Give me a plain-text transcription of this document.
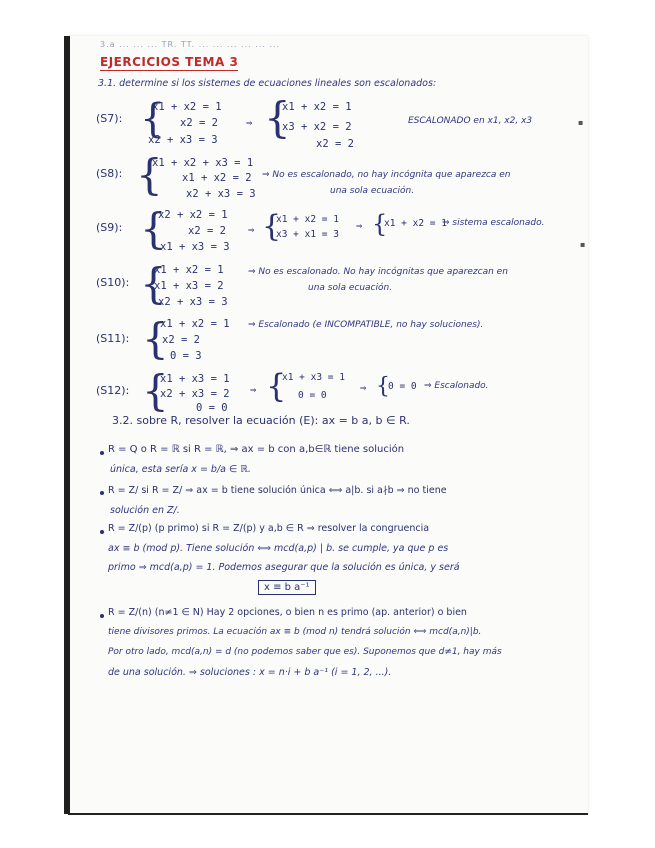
3.a ... ... ... TR. TT. ... ... ... ... ... ...
EJERCICIOS TEMA 3
3.1. determine si los sistemes de ecuaciones lineales son escalonados:
(S7): {
x1 + x2 = 1
x2 = 2
x2 + x3 = 3
⇒ {
x1 + x2 = 1
x3 + x2 = 2
x2 = 2
ESCALONADO en x1, x2, x3
(S8): {
x1 + x2 + x3 = 1
x1 + x2 = 2
x2 + x3 = 3
⇒ No es escalonado, no hay incógnita que aparezca en
una sola ecuación.
(S9): {
x2 + x2 = 1
x2 = 2
x1 + x3 = 3
⇒ {
x1 + x2 = 1
x3 + x1 = 3
⇒ {
x1 + x2 = 1
⇒ sistema escalonado.
(S10): {
x1 + x2 = 1
x1 + x3 = 2
x2 + x3 = 3
⇒ No es escalonado. No hay incógnitas que aparezcan en
una sola ecuación.
(S11): {
x1 + x2 = 1
x2 = 2
0 = 3
⇒ Escalonado (e INCOMPATIBLE, no hay soluciones).
(S12): {
x1 + x3 = 1
x2 + x3 = 2
0 = 0
⇒ {
x1 + x3 = 1
0 = 0
⇒ {
0 = 0 ⇒ Escalonado.
3.2. sobre R, resolver la ecuación (E): ax = b a, b ∈ R.
R = Q o R = ℝ si R = ℝ, ⇒ ax = b con a,b∈ℝ tiene solución
única, esta sería x = b/a ∈ ℝ.
R = Z/ si R = Z/ ⇒ ax = b tiene solución única ⟺ a|b. si a∤b ⇒ no tiene
solución en Z/.
R = Z/(p) (p primo) si R = Z/(p) y a,b ∈ R ⇒ resolver la congruencia
ax ≡ b (mod p). Tiene solución ⟺ mcd(a,p) | b. se cumple, ya que p es
primo ⇒ mcd(a,p) = 1. Podemos asegurar que la solución es única, y será
x ≡ b a⁻¹
R = Z/(n) (n≠1 ∈ N) Hay 2 opciones, o bien n es primo (ap. anterior) o bien
tiene divisores primos. La ecuación ax ≡ b (mod n) tendrá solución ⟺ mcd(a,n)|b.
Por otro lado, mcd(a,n) = d (no podemos saber que es). Suponemos que d≠1, hay más
de una solución. ⇒ soluciones : x = n·i + b a⁻¹ (i = 1, 2, ...).
▪
▪
